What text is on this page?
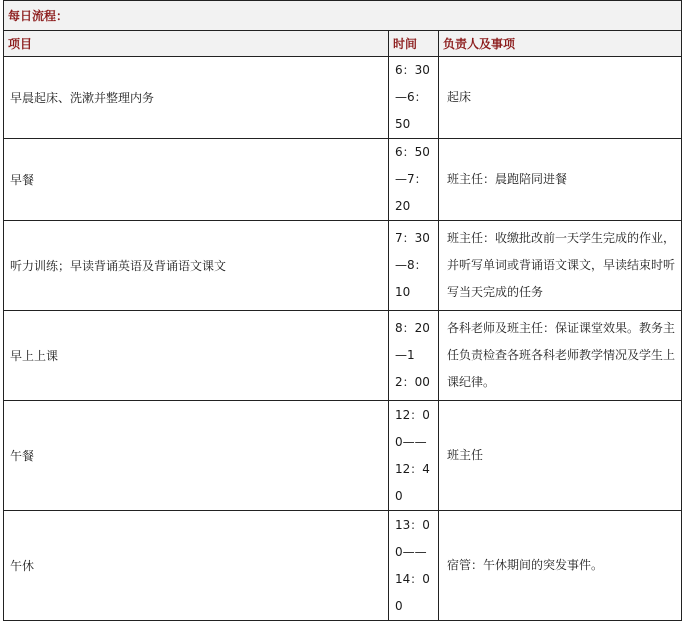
每日流程：		
项目	时间	负责人及事项
早晨起床、洗漱并整理内务	6：30
—6：
50	起床
早餐	6：50
—7：
20	班主任：晨跑陪同进餐
听力训练；早读背诵英语及背诵语文课文	7：30
—8：
10	班主任：收缴批改前一天学生完成的作业，并听写单词或背诵语文课文，早读结束时听写当天完成的任务
早上上课	8：20
—1
2：00	各科老师及班主任：保证课堂效果。教务主任负责检查各班各科老师教学情况及学生上课纪律。
午餐	12：0
0——
12：4
0	班主任
午休	13：0
0——
14：0
0	宿管：午休期间的突发事件。
